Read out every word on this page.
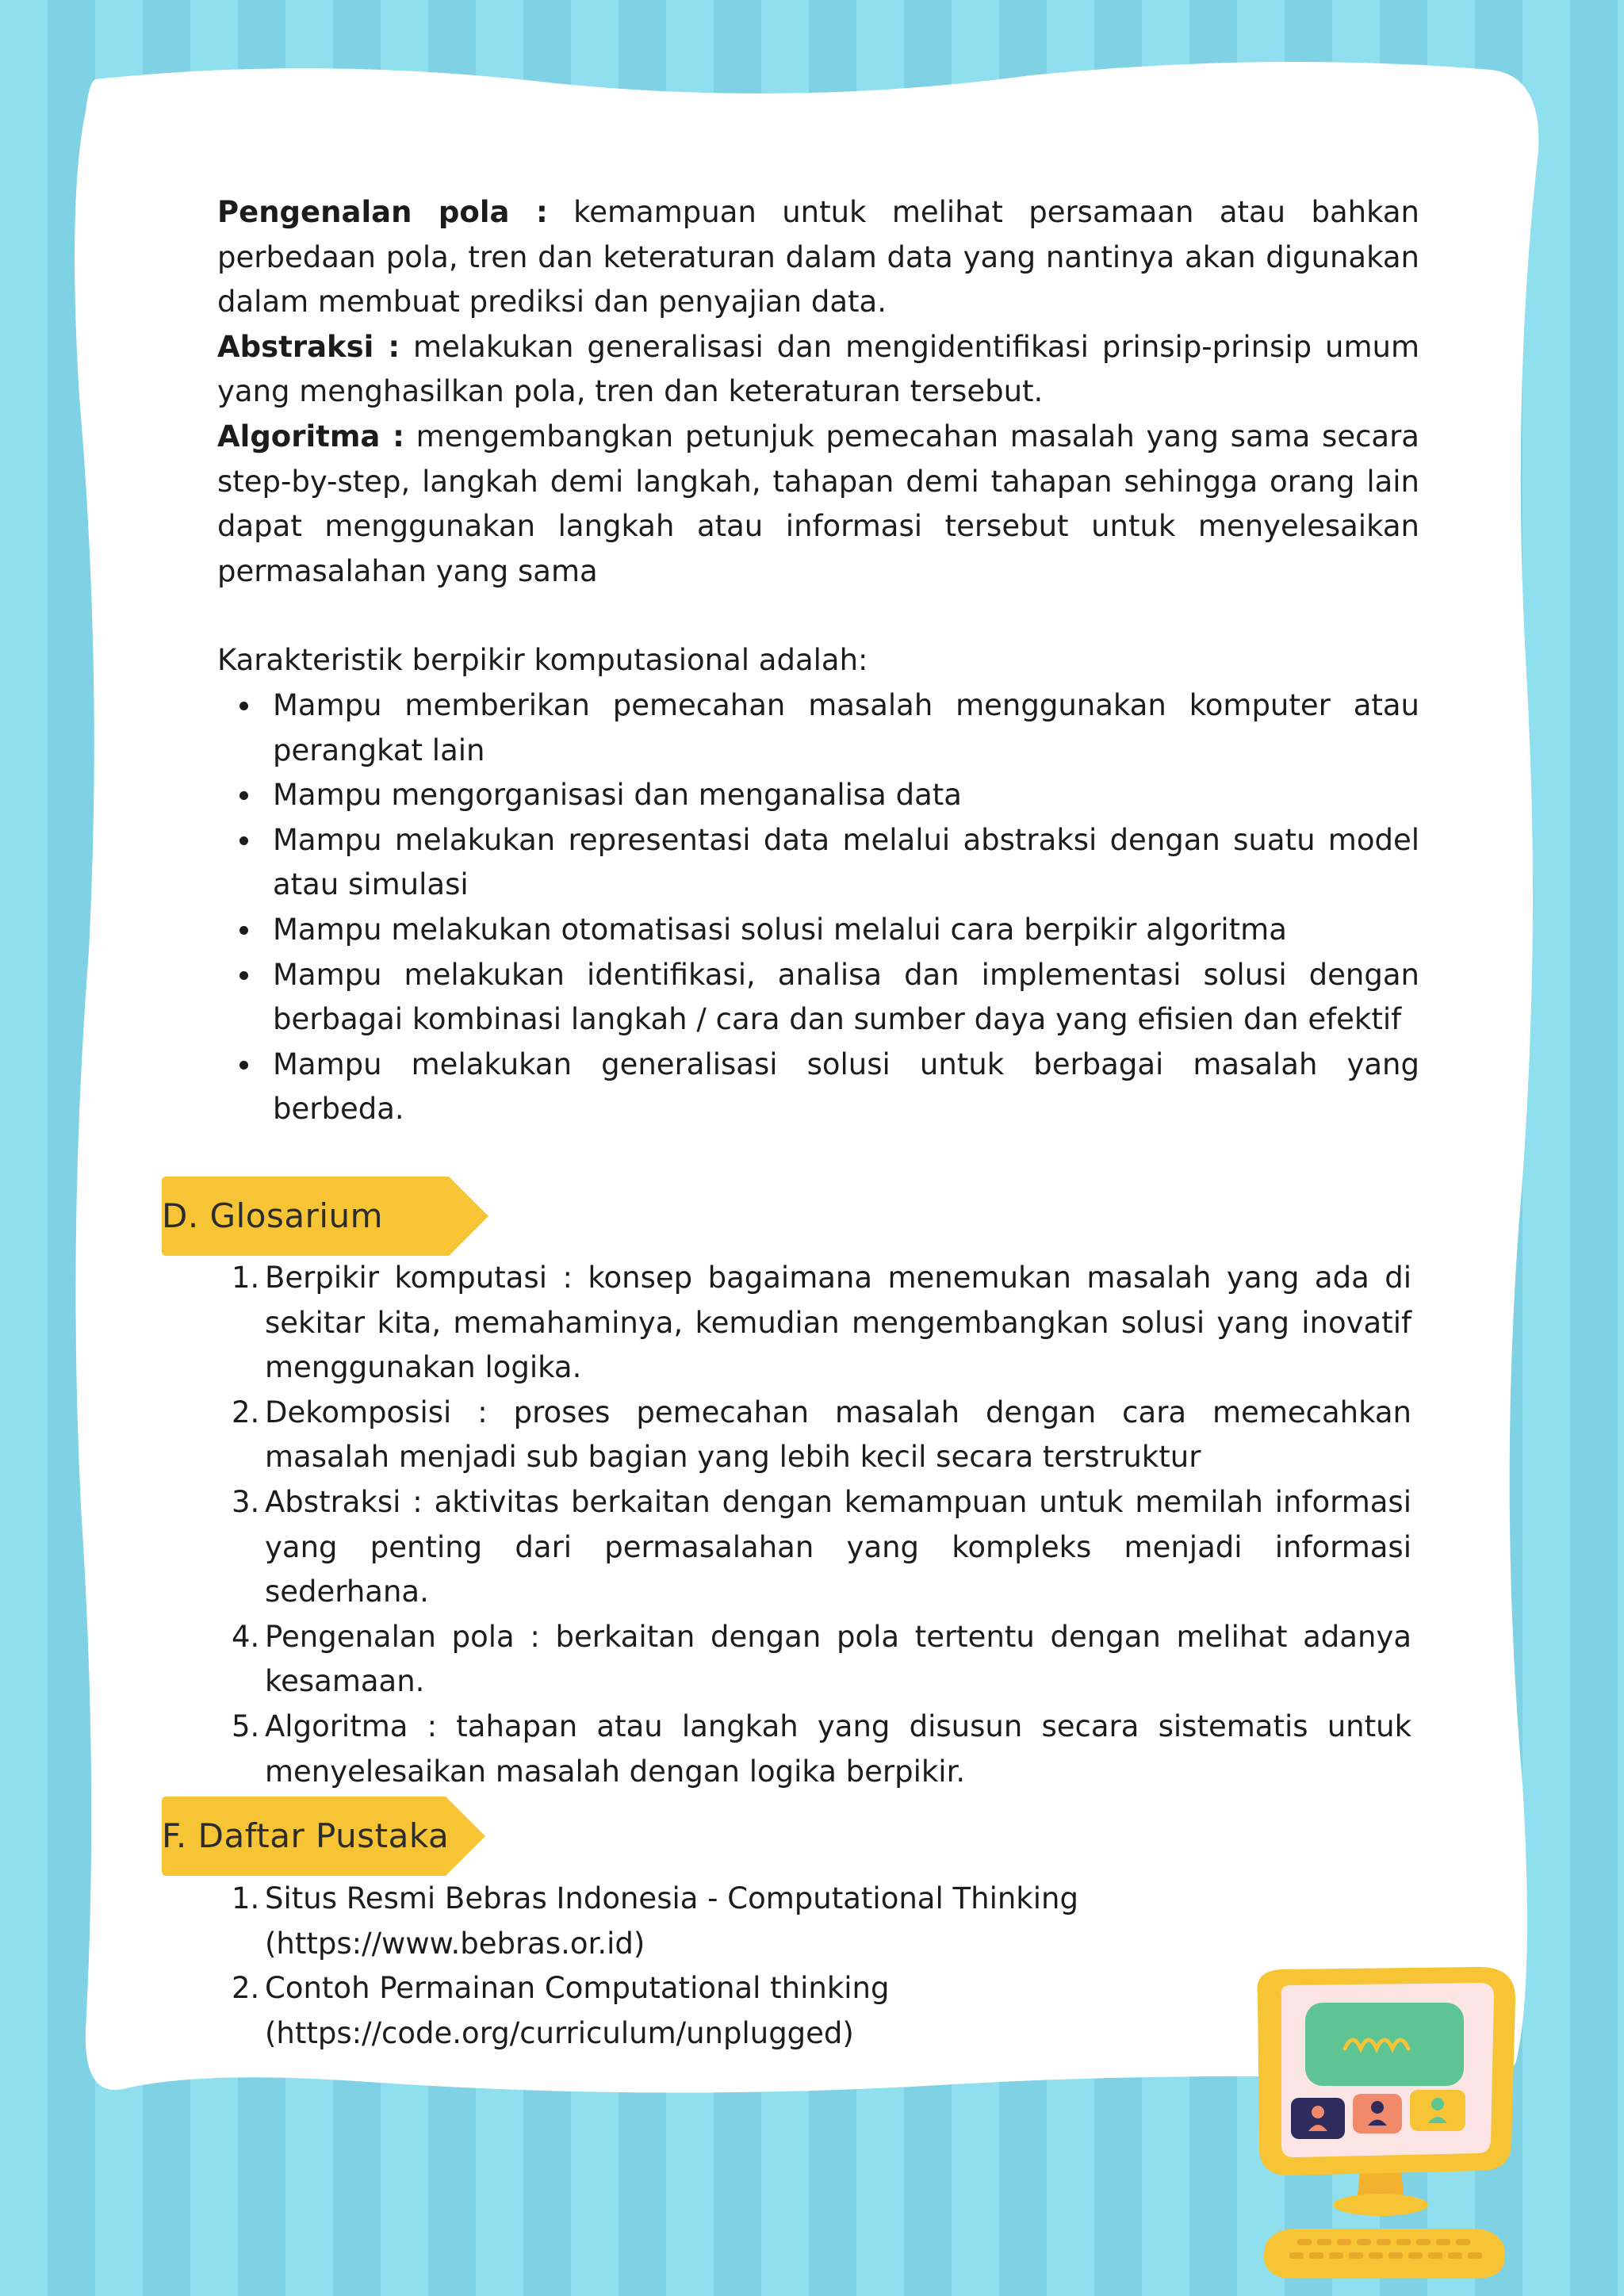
Pengenalan pola : kemampuan untuk melihat persamaan atau bahkan perbedaan pola, tren dan keteraturan dalam data yang nantinya akan digunakan dalam membuat prediksi dan penyajian data.

Abstraksi : melakukan generalisasi dan mengidentifikasi prinsip-prinsip umum yang menghasilkan pola, tren dan keteraturan tersebut.

Algoritma : mengembangkan petunjuk pemecahan masalah yang sama secara step-by-step, langkah demi langkah, tahapan demi tahapan sehingga orang lain dapat menggunakan langkah atau informasi tersebut untuk menyelesaikan permasalahan yang sama

Karakteristik berpikir komputasional adalah:

Mampu memberikan pemecahan masalah menggunakan komputer atau perangkat lain
Mampu mengorganisasi dan menganalisa data
Mampu melakukan representasi data melalui abstraksi dengan suatu model atau simulasi
Mampu melakukan otomatisasi solusi melalui cara berpikir algoritma
Mampu melakukan identifikasi, analisa dan implementasi solusi dengan berbagai kombinasi langkah / cara dan sumber daya yang efisien dan efektif
Mampu melakukan generalisasi solusi untuk berbagai masalah yang berbeda.
D. Glosarium
1. Berpikir komputasi : konsep bagaimana menemukan masalah yang ada di sekitar kita, memahaminya, kemudian mengembangkan solusi yang inovatif menggunakan logika.
2. Dekomposisi : proses pemecahan masalah dengan cara memecahkan masalah menjadi sub bagian yang lebih kecil secara terstruktur
3. Abstraksi : aktivitas berkaitan dengan kemampuan untuk memilah informasi yang penting dari permasalahan yang kompleks menjadi informasi sederhana.
4. Pengenalan pola : berkaitan dengan pola tertentu dengan melihat adanya kesamaan.
5. Algoritma : tahapan atau langkah yang disusun secara sistematis untuk menyelesaikan masalah dengan logika berpikir.
F. Daftar Pustaka
1. Situs Resmi Bebras Indonesia - Computational Thinking
(https://www.bebras.or.id)
2. Contoh Permainan Computational thinking
(https://code.org/curriculum/unplugged)
